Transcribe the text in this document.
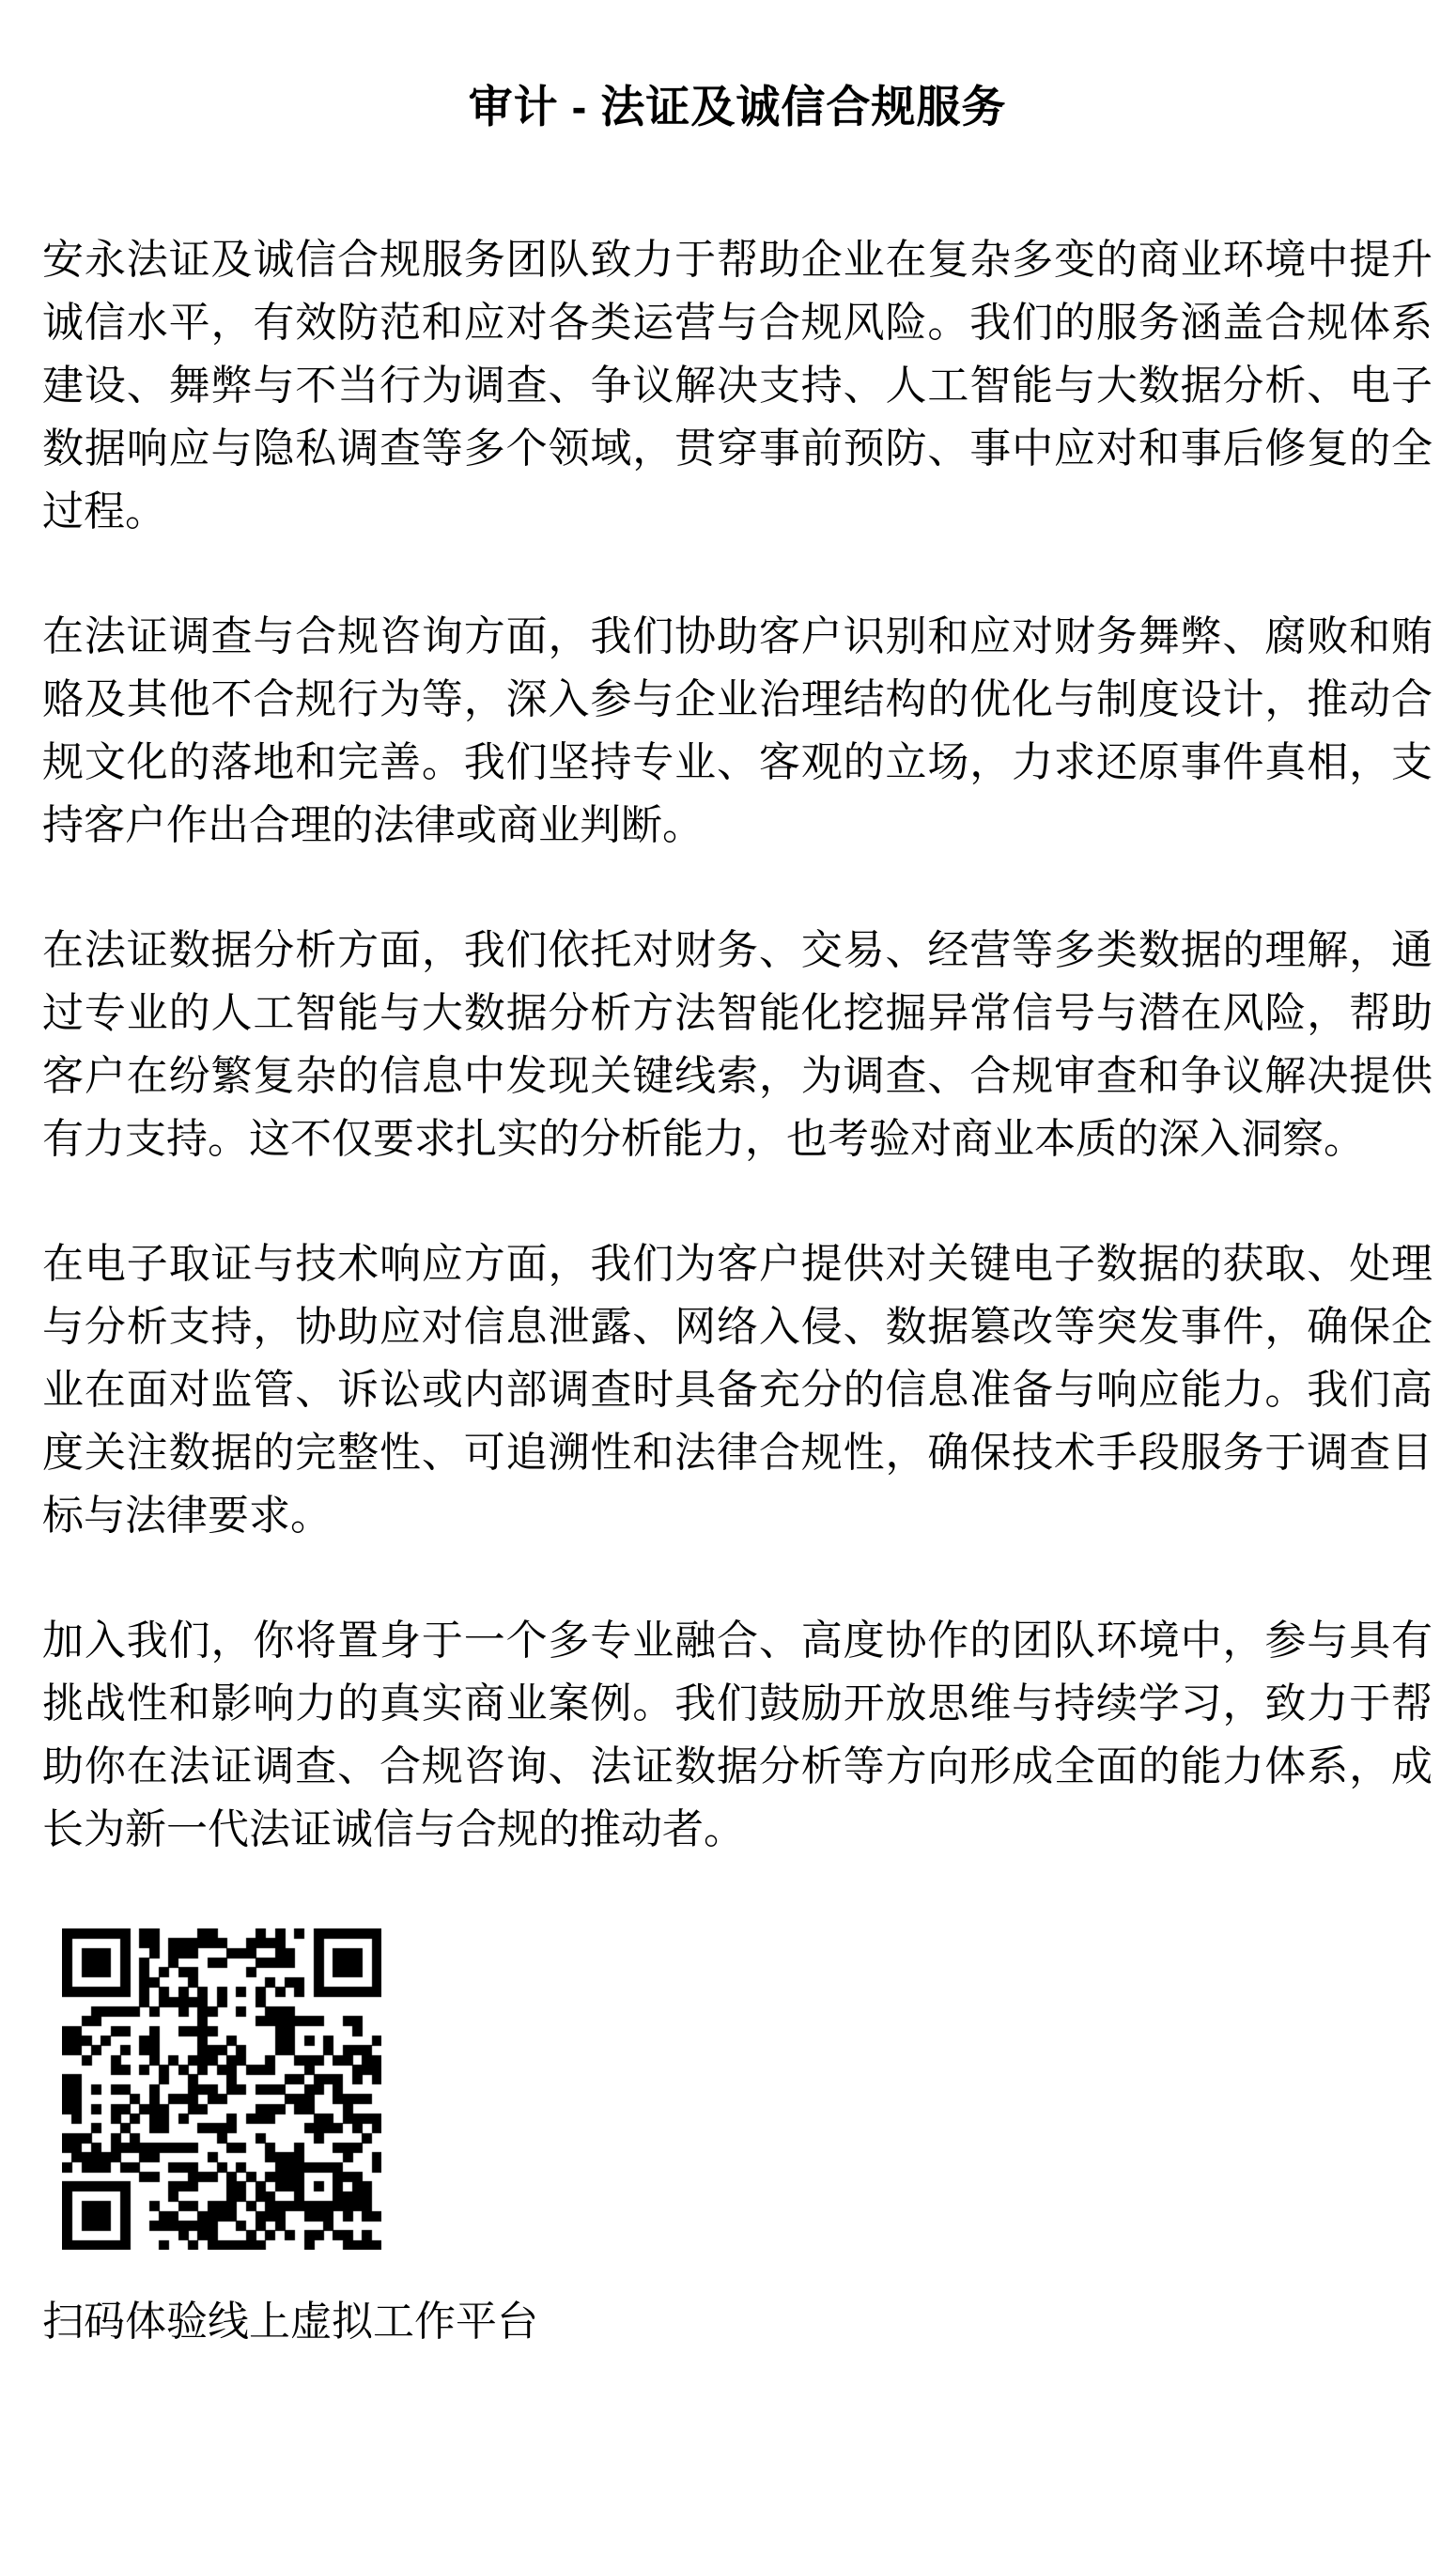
审计 - 法证及诚信合规服务

安永法证及诚信合规服务团队致力于帮助企业在复杂多变的商业环境中提升诚信水平，有效防范和应对各类运营与合规风险。我们的服务涵盖合规体系建设、舞弊与不当行为调查、争议解决支持、人工智能与大数据分析、电子数据响应与隐私调查等多个领域，贯穿事前预防、事中应对和事后修复的全过程。

在法证调查与合规咨询方面，我们协助客户识别和应对财务舞弊、腐败和贿赂及其他不合规行为等，深入参与企业治理结构的优化与制度设计，推动合规文化的落地和完善。我们坚持专业、客观的立场，力求还原事件真相，支持客户作出合理的法律或商业判断。

在法证数据分析方面，我们依托对财务、交易、经营等多类数据的理解，通过专业的人工智能与大数据分析方法智能化挖掘异常信号与潜在风险，帮助客户在纷繁复杂的信息中发现关键线索，为调查、合规审查和争议解决提供有力支持。这不仅要求扎实的分析能力，也考验对商业本质的深入洞察。

在电子取证与技术响应方面，我们为客户提供对关键电子数据的获取、处理与分析支持，协助应对信息泄露、网络入侵、数据篡改等突发事件，确保企业在面对监管、诉讼或内部调查时具备充分的信息准备与响应能力。我们高度关注数据的完整性、可追溯性和法律合规性，确保技术手段服务于调查目标与法律要求。

加入我们，你将置身于一个多专业融合、高度协作的团队环境中，参与具有挑战性和影响力的真实商业案例。我们鼓励开放思维与持续学习，致力于帮助你在法证调查、合规咨询、法证数据分析等方向形成全面的能力体系，成长为新一代法证诚信与合规的推动者。

扫码体验线上虚拟工作平台
